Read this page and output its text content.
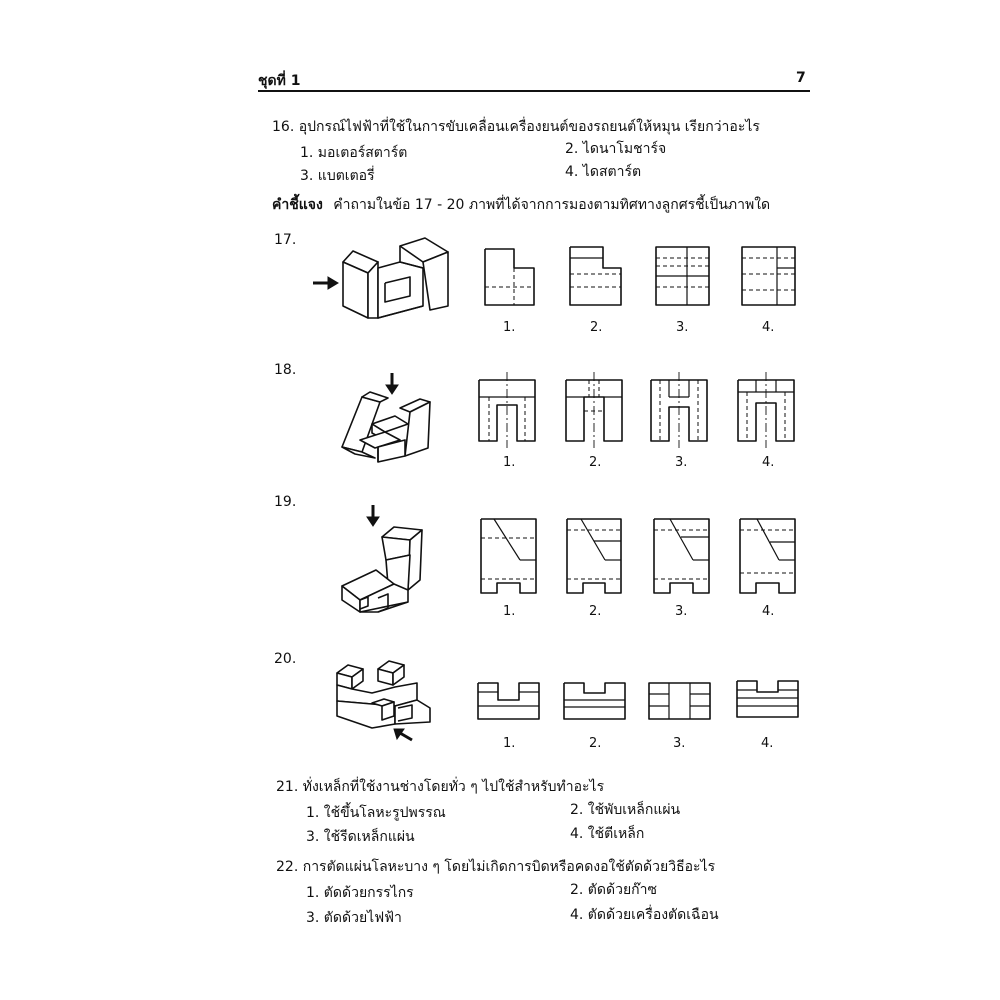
ชุดที่ 1	7
16. อุปกรณ์ไฟฟ้าที่ใช้ในการขับเคลื่อนเครื่องยนต์ของรถยนต์ให้หมุน เรียกว่าอะไร
1. มอเตอร์สตาร์ต	2. ไดนาโมชาร์จ
3. แบตเตอรี่	4. ไดสตาร์ต
คำชี้แจง คำถามในข้อ 17 - 20 ภาพที่ได้จากการมองตามทิศทางลูกศรชี้เป็นภาพใด
17.
18.
19.
20.
1.	2.	3.	4.
1.	2.	3.	4.
1.	2.	3.	4.
1.	2.	3.	4.
21. ทั่งเหล็กที่ใช้งานช่างโดยทั่ว ๆ ไปใช้สำหรับทำอะไร
1. ใช้ขึ้นโลหะรูปพรรณ	2. ใช้พับเหล็กแผ่น
3. ใช้รีดเหล็กแผ่น	4. ใช้ตีเหล็ก
22. การตัดแผ่นโลหะบาง ๆ โดยไม่เกิดการบิดหรือคดงอใช้ตัดด้วยวิธีอะไร
1. ตัดด้วยกรรไกร	2. ตัดด้วยก๊าซ
3. ตัดด้วยไฟฟ้า	4. ตัดด้วยเครื่องตัดเฉือน
